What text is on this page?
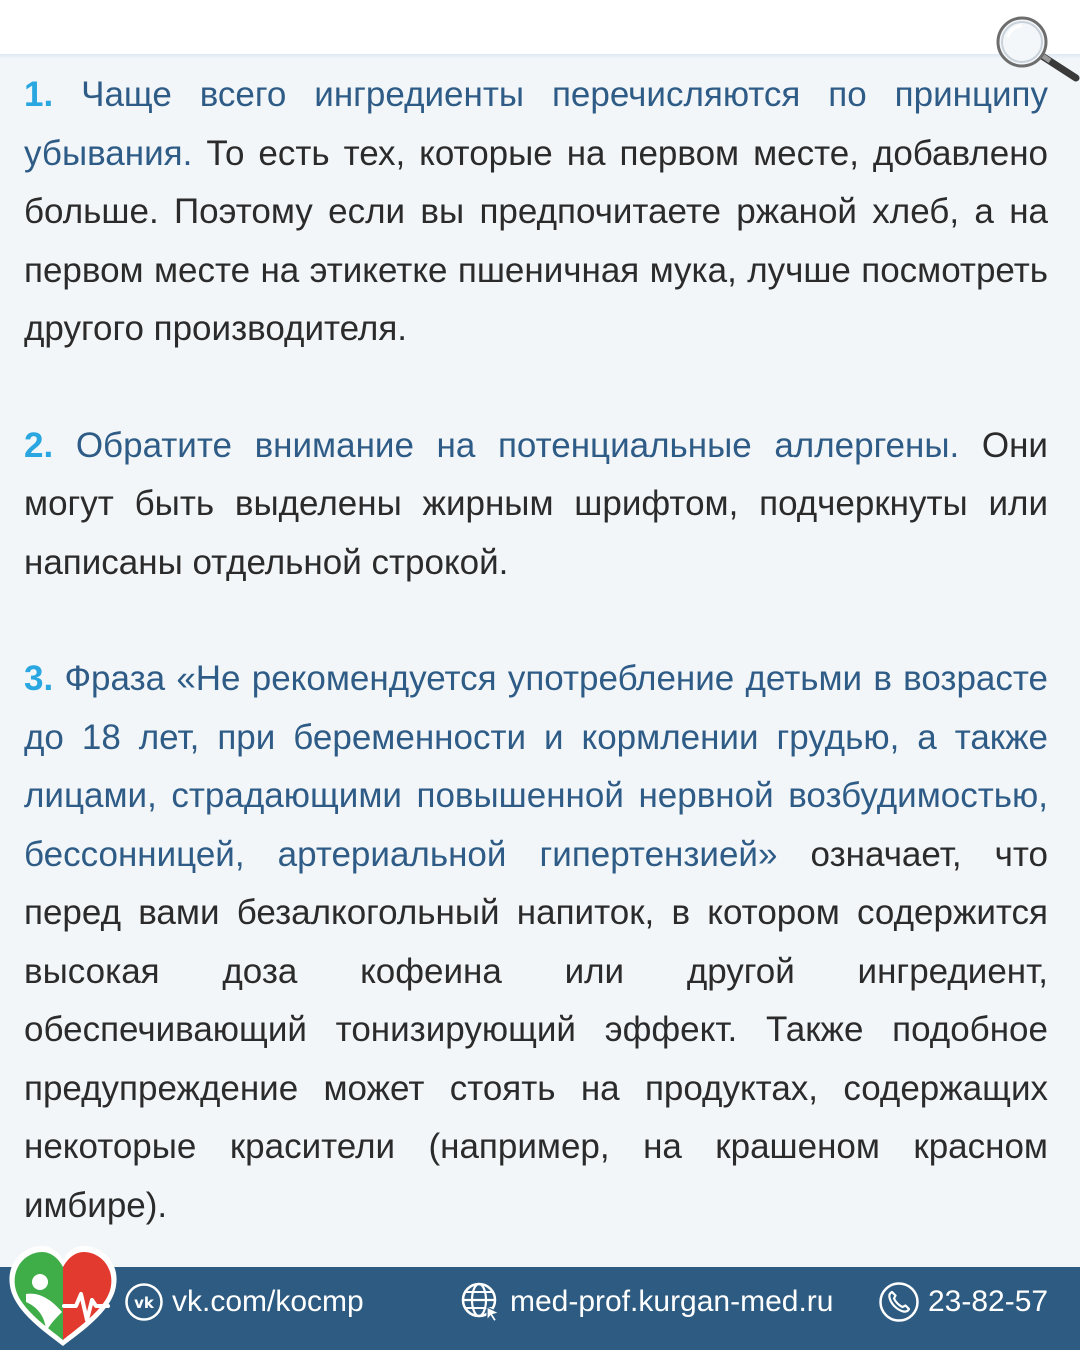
1. Чаще всего ингредиенты перечисляются по принципу убывания. То есть тех, которые на первом месте, добавлено больше. Поэтому если вы предпочитаете ржаной хлеб, а на первом месте на этикетке пшеничная мука, лучше посмотреть другого производителя.

2. Обратите внимание на потенциальные аллергены. Они могут быть выделены жирным шрифтом, подчеркнуты или написаны отдельной строкой.

3. Фраза «Не рекомендуется употребление детьми в возрасте до 18 лет, при беременности и кормлении грудью, а также лицами, страдающими повышенной нервной возбудимостью, бессонницей, артериальной гипертензией» означает, что перед вами безалкогольный напиток, в котором содержится высокая доза кофеина или другой ингредиент, обеспечивающий тонизирующий эффект. Также подобное предупреждение может стоять на продуктах, содержащих некоторые красители (например, на крашеном красном имбире).

vk vk.com/kocmp	med-prof.kurgan-med.ru	23-82-57
